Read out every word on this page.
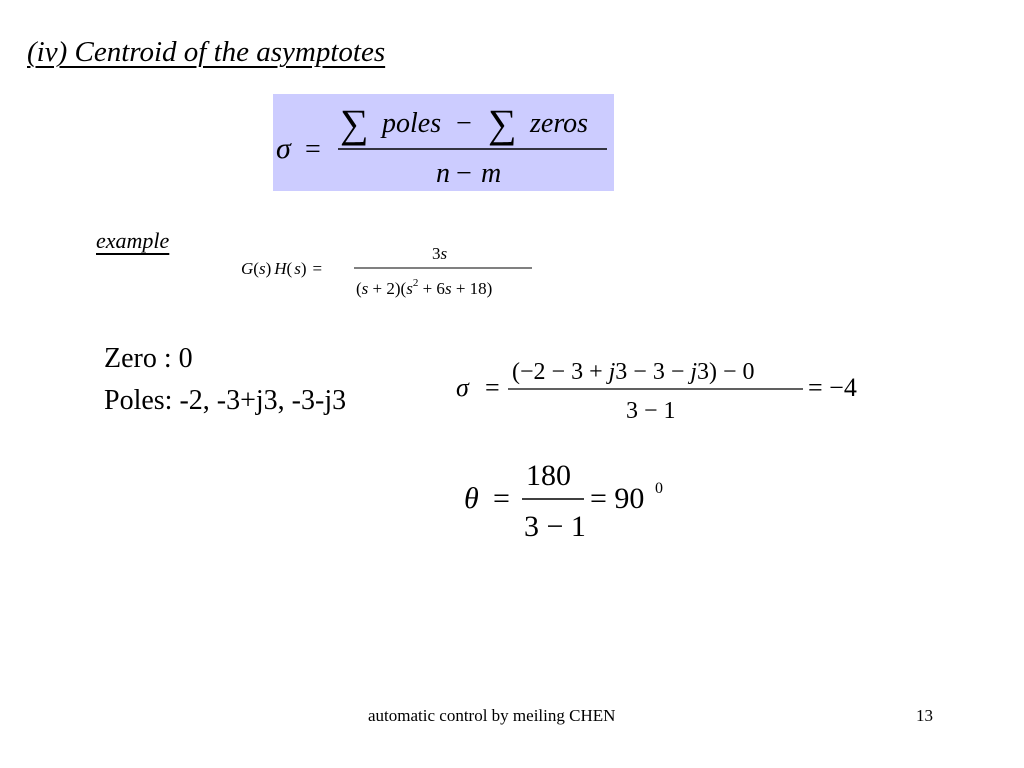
(iv) Centroid of the asymptotes
σ =
∑ poles − ∑ zeros
n − m
example
G(s) H( s) =
3s
$(s + 2)(s^2 + 6s + 18)$
Zero : 0
Poles: -2, -3+j3, -3-j3	σ =
(−2 − 3 + j3 − 3 − j3) − 0
3 − 1
= −4
θ =
180
3 − 1
= 90 0
automatic control by meiling CHEN	13
